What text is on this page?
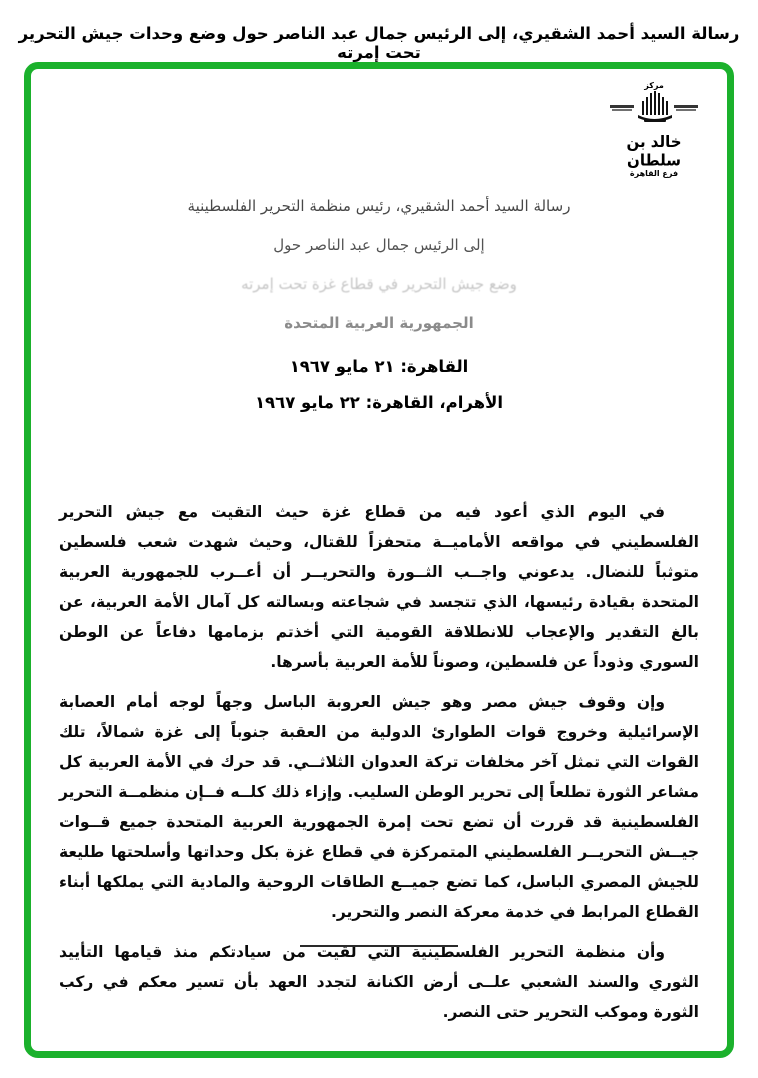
رسالة السيد أحمد الشقيري، إلى الرئيس جمال عبد الناصر حول وضع وحدات جيش التحرير تحت إمرته
مركز
خالد بن سلطان
فرع القاهرة
رسالة السيد أحمد الشقيري، رئيس منظمة التحرير الفلسطينية
إلى الرئيس جمال عبد الناصر حول
وضع جيش التحرير في قطاع غزة تحت إمرته
الجمهورية العربية المتحدة
القاهرة: ٢١ مايو ١٩٦٧
الأهرام، القاهرة: ٢٢ مايو ١٩٦٧

في اليوم الذي أعود فيه من قطاع غزة حيث التقيت مع جيش التحرير الفلسطيني في مواقعه الأماميــة متحفزاً للقتال، وحيث شهدت شعب فلسطين متوثباً للنضال. يدعوني واجــب الثــورة والتحريــر أن أعــرب للجمهورية العربية المتحدة بقيادة رئيسها، الذي تتجسد في شجاعته وبسالته كل آمال الأمة العربية، عن بالغ التقدير والإعجاب للانطلاقة القومية التي أخذتم بزمامها دفاعاً عن الوطن السوري وذوداً عن فلسطين، وصوناً للأمة العربية بأسرها.

وإن وقوف جيش مصر وهو جيش العروبة الباسل وجهاً لوجه أمام العصابة الإسرائيلية وخروج قوات الطوارئ الدولية من العقبة جنوباً إلى غزة شمالاً، تلك القوات التي تمثل آخر مخلفات تركة العدوان الثلاثــي. قد حرك في الأمة العربية كل مشاعر الثورة تطلعاً إلى تحرير الوطن السليب. وإزاء ذلك كلــه فــإن منظمــة التحرير الفلسطينية قد قررت أن تضع تحت إمرة الجمهورية العربية المتحدة جميع قــوات جيــش التحريــر الفلسطيني المتمركزة في قطاع غزة بكل وحداتها وأسلحتها طليعة للجيش المصري الباسل، كما تضع جميــع الطاقات الروحية والمادية التي يملكها أبناء القطاع المرابط في خدمة معركة النصر والتحرير.

وأن منظمة التحرير الفلسطينية التي لقيت من سيادتكم منذ قيامها التأييد الثوري والسند الشعبي علــى أرض الكنانة لتجدد العهد بأن تسير معكم في ركب الثورة وموكب التحرير حتى النصر.
